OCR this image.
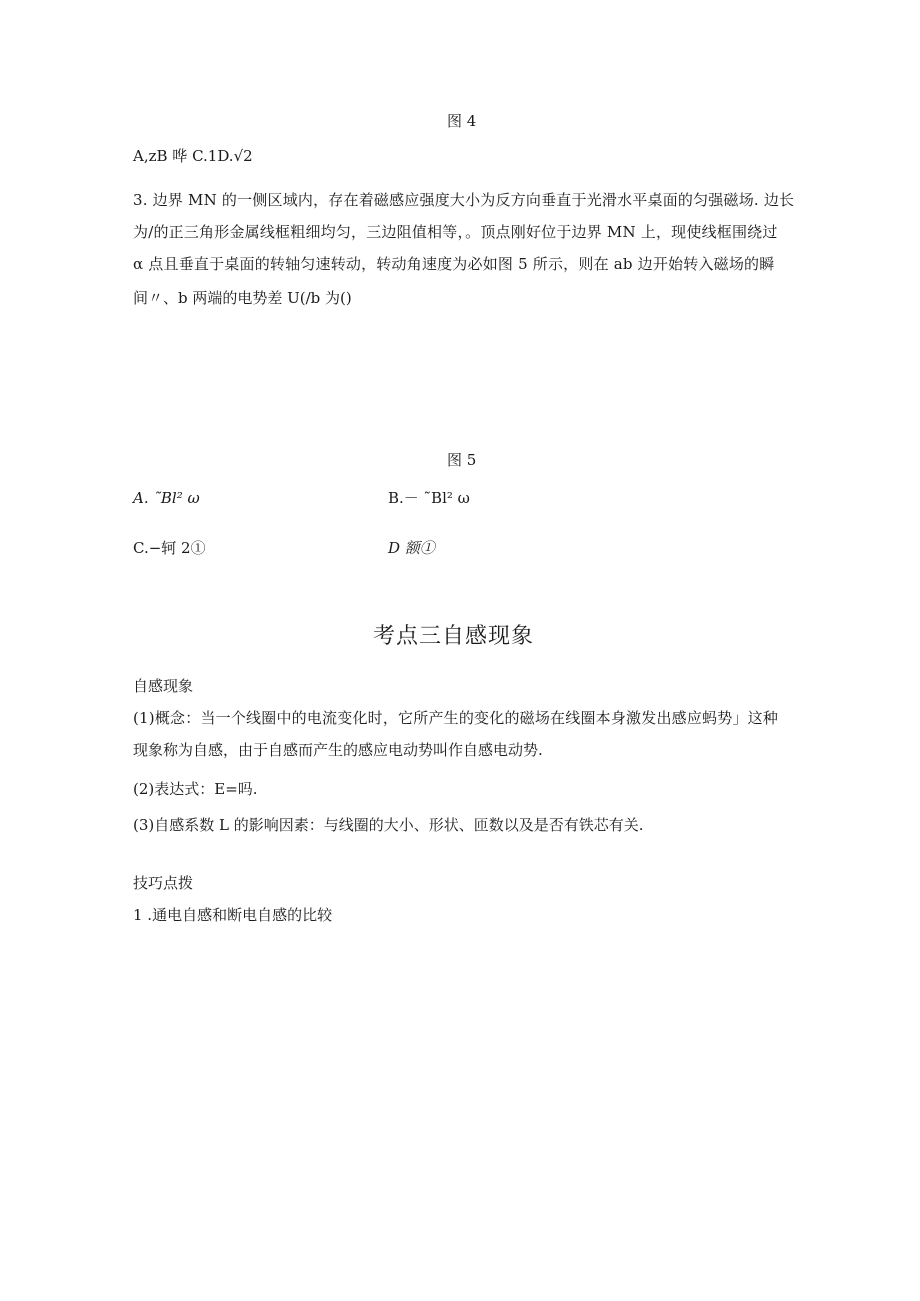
图 4
A,zB 哗 C.1D.√2
3. 边界 MN 的一侧区域内，存在着磁感应强度大小为反方向垂直于光滑水平桌面的匀强磁场. 边长
为/的正三角形金属线框粗细均匀，三边阻值相等，。顶点刚好位于边界 MN 上，现使线框围绕过
α 点且垂直于桌面的转轴匀速转动，转动角速度为必如图 5 所示，则在 ab 边开始转入磁场的瞬
间〃、b 两端的电势差 U(/b 为()
图 5
A. ˜Bl² ω	B.－ ˜Bl² ω
C.−轲 2①	D 额①
考点三自感现象
自感现象
(1)概念：当一个线圈中的电流变化时，它所产生的变化的磁场在线圈本身激发出感应蚂势」这种
现象称为自感，由于自感而产生的感应电动势叫作自感电动势.
(2)表达式：E=吗.
(3)自感系数 L 的影响因素：与线圈的大小、形状、匝数以及是否有铁芯有关.
技巧点拨
1 .通电自感和断电自感的比较
